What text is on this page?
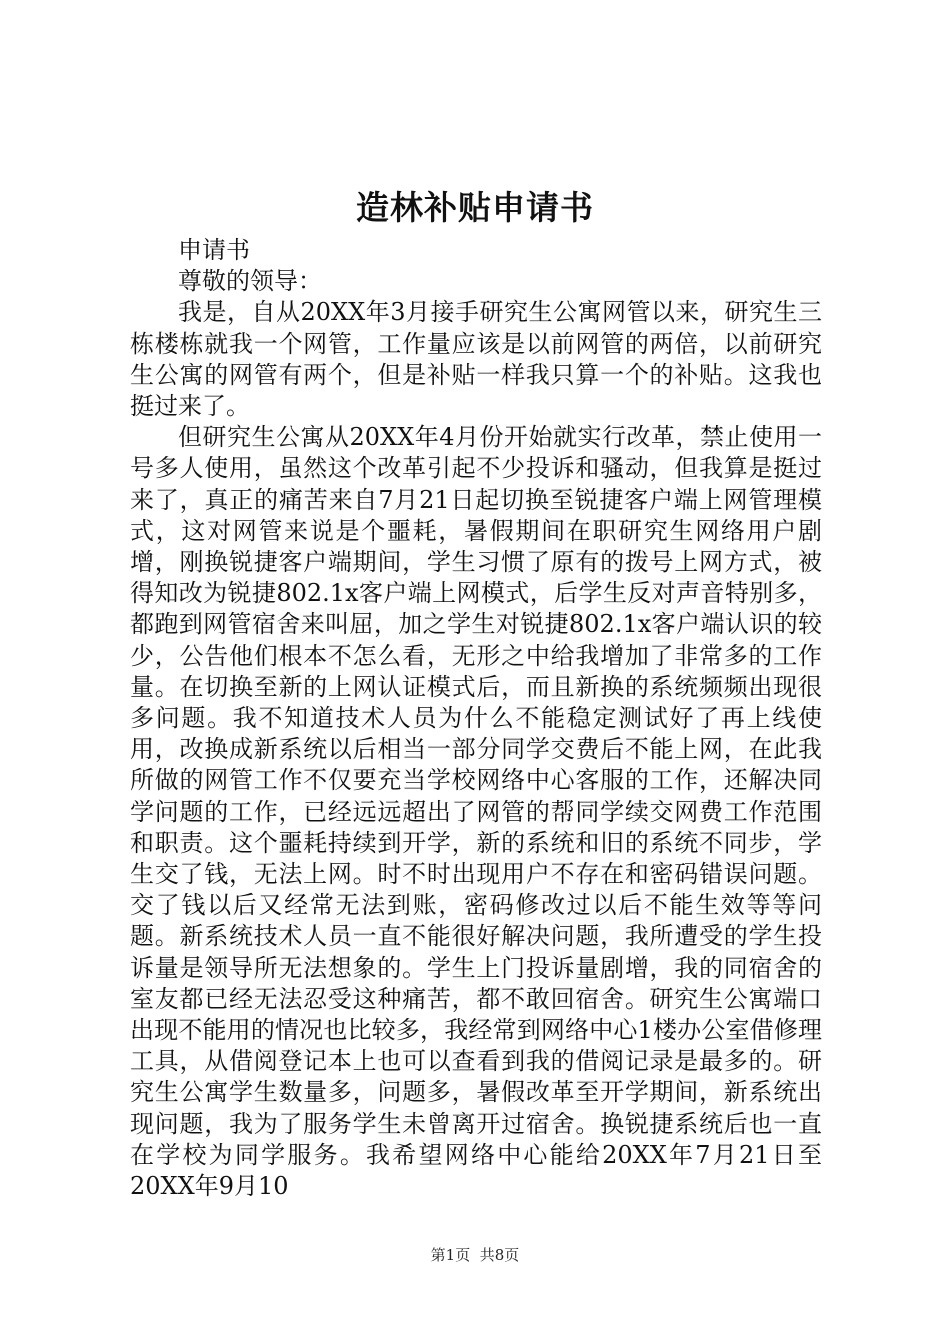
造林补贴申请书

申请书

尊敬的领导：

我是，自从20XX年3月接手研究生公寓网管以来，研究生三栋楼栋就我一个网管，工作量应该是以前网管的两倍，以前研究生公寓的网管有两个，但是补贴一样我只算一个的补贴。这我也挺过来了。

但研究生公寓从20XX年4月份开始就实行改革，禁止使用一号多人使用，虽然这个改革引起不少投诉和骚动，但我算是挺过来了，真正的痛苦来自7月21日起切换至锐捷客户端上网管理模式，这对网管来说是个噩耗，暑假期间在职研究生网络用户剧增，刚换锐捷客户端期间，学生习惯了原有的拨号上网方式，被得知改为锐捷802.1x客户端上网模式，后学生反对声音特别多，都跑到网管宿舍来叫屈，加之学生对锐捷802.1x客户端认识的较少，公告他们根本不怎么看，无形之中给我增加了非常多的工作量。在切换至新的上网认证模式后，而且新换的系统频频出现很多问题。我不知道技术人员为什么不能稳定测试好了再上线使用，改换成新系统以后相当一部分同学交费后不能上网，在此我所做的网管工作不仅要充当学校网络中心客服的工作，还解决同学问题的工作，已经远远超出了网管的帮同学续交网费工作范围和职责。这个噩耗持续到开学，新的系统和旧的系统不同步，学生交了钱，无法上网。时不时出现用户不存在和密码错误问题。交了钱以后又经常无法到账，密码修改过以后不能生效等等问题。新系统技术人员一直不能很好解决问题，我所遭受的学生投诉量是领导所无法想象的。学生上门投诉量剧增，我的同宿舍的室友都已经无法忍受这种痛苦，都不敢回宿舍。研究生公寓端口出现不能用的情况也比较多，我经常到网络中心1楼办公室借修理工具，从借阅登记本上也可以查看到我的借阅记录是最多的。研究生公寓学生数量多，问题多，暑假改革至开学期间，新系统出现问题，我为了服务学生未曾离开过宿舍。换锐捷系统后也一直在学校为同学服务。我希望网络中心能给20XX年7月21日至20XX年9月10

第1页 共8页
